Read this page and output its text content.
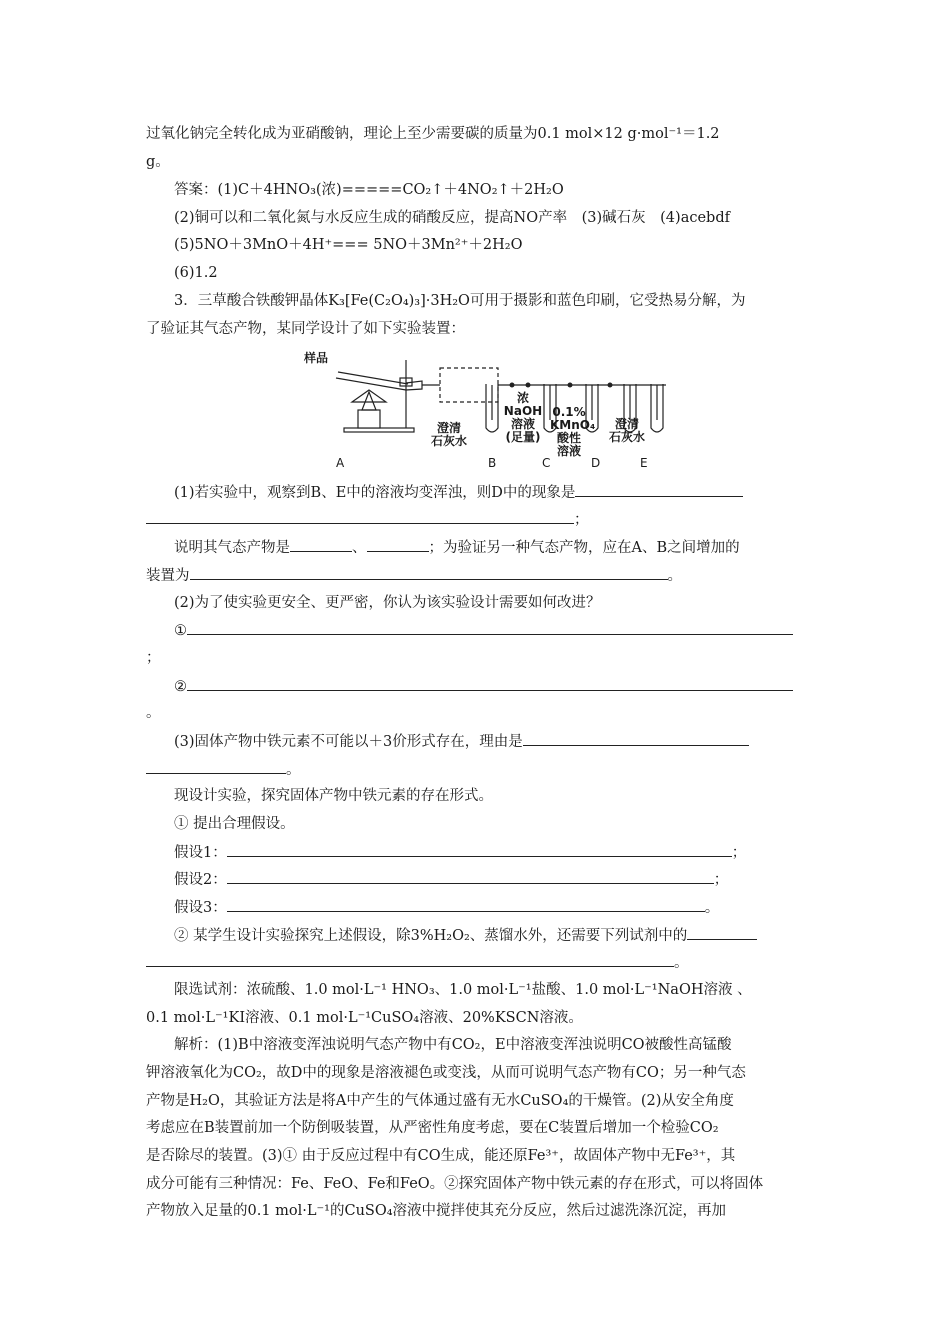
过氧化钠完全转化成为亚硝酸钠，理论上至少需要碳的质量为0.1 mol×12 g·mol⁻¹＝1.2
g。
答案：(1)C＋4HNO₃(浓)=====CO₂↑＋4NO₂↑＋2H₂O
(2)铜可以和二氧化氮与水反应生成的硝酸反应，提高NO产率　(3)碱石灰　(4)acebdf
(5)5NO＋3MnO＋4H⁺=== 5NO＋3Mn²⁺＋2H₂O
(6)1.2
3．三草酸合铁酸钾晶体K₃[Fe(C₂O₄)₃]·3H₂O可用于摄影和蓝色印刷，它受热易分解，为
了验证其气态产物，某同学设计了如下实验装置：
样品
澄清
石灰水
浓NaOH
溶液
(足量)
0.1%
KMnO₄
酸性
溶液
澄清
石灰水
A	B	C	D	E
(1)若实验中，观察到B、E中的溶液均变浑浊，则D中的现象是
；
说明其气态产物是	、	；为验证另一种气态产物，应在A、B之间增加的
装置为	。
(2)为了使实验更安全、更严密，你认为该实验设计需要如何改进？
①
；
②
。
(3)固体产物中铁元素不可能以＋3价形式存在，理由是
。
现设计实验，探究固体产物中铁元素的存在形式。
① 提出合理假设。
假设1：	；
假设2：	；
假设3：	。
② 某学生设计实验探究上述假设，除3%H₂O₂、蒸馏水外，还需要下列试剂中的
。
限选试剂：浓硫酸、1.0 mol·L⁻¹ HNO₃、1.0 mol·L⁻¹盐酸、1.0 mol·L⁻¹NaOH溶液 、
0.1 mol·L⁻¹KI溶液、0.1 mol·L⁻¹CuSO₄溶液、20%KSCN溶液。
解析：(1)B中溶液变浑浊说明气态产物中有CO₂，E中溶液变浑浊说明CO被酸性高锰酸
钾溶液氧化为CO₂，故D中的现象是溶液褪色或变浅，从而可说明气态产物有CO；另一种气态
产物是H₂O，其验证方法是将A中产生的气体通过盛有无水CuSO₄的干燥管。(2)从安全角度
考虑应在B装置前加一个防倒吸装置，从严密性角度考虑，要在C装置后增加一个检验CO₂
是否除尽的装置。(3)① 由于反应过程中有CO生成，能还原Fe³⁺，故固体产物中无Fe³⁺，其
成分可能有三种情况：Fe、FeO、Fe和FeO。②探究固体产物中铁元素的存在形式，可以将固体
产物放入足量的0.1 mol·L⁻¹的CuSO₄溶液中搅拌使其充分反应，然后过滤洗涤沉淀，再加
